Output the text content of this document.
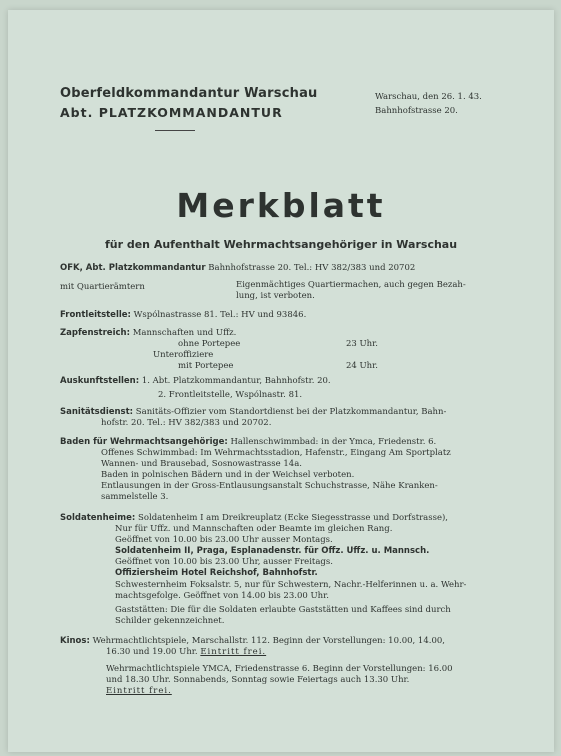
Oberfeldkommandantur Warschau
Abt. PLATZKOMMANDANTUR
Warschau, den 26. 1. 43.
Bahnhofstrasse 20.
Merkblatt
für den Aufenthalt Wehrmachtsangehöriger in Warschau
OFK, Abt. Platzkommandantur Bahnhofstrasse 20. Tel.: HV 382/383 und 20702
mit Quartierämtern	Eigenmächtiges Quartiermachen, auch gegen Bezah-
lung, ist verboten.
Frontleitstelle: Wspólnastrasse 81. Tel.: HV und 93846.
Zapfenstreich: Mannschaften und Uffz.
ohne Portepee	23 Uhr.
Unteroffiziere
mit Portepee	24 Uhr.
Auskunftstellen: 1. Abt. Platzkommandantur, Bahnhofstr. 20.
2. Frontleitstelle, Wspólnastr. 81.
Sanitätsdienst: Sanitäts-Offizier vom Standortdienst bei der Platzkommandantur, Bahn-
hofstr. 20. Tel.: HV 382/383 und 20702.
Baden für Wehrmachtsangehörige: Hallenschwimmbad: in der Ymca, Friedenstr. 6.
Offenes Schwimmbad: Im Wehrmachtsstadion, Hafenstr., Eingang Am Sportplatz
Wannen- und Brausebad, Sosnowastrasse 14a.
Baden in polnischen Bädern und in der Weichsel verboten.
Entlausungen in der Gross-Entlausungsanstalt Schuchstrasse, Nähe Kranken-
sammelstelle 3.
Soldatenheime: Soldatenheim I am Dreikreuplatz (Ecke Siegesstrasse und Dorfstrasse),
Nur für Uffz. und Mannschaften oder Beamte im gleichen Rang.
Geöffnet von 10.00 bis 23.00 Uhr ausser Montags.
Soldatenheim II, Praga, Esplanadenstr. für Offz. Uffz. u. Mannsch.
Geöffnet von 10.00 bis 23.00 Uhr, ausser Freitags.
Offiziersheim Hotel Reichshof, Bahnhofstr.
Schwesternheim Foksalstr. 5, nur für Schwestern, Nachr.-Helferinnen u. a. Wehr-
machtsgefolge. Geöffnet von 14.00 bis 23.00 Uhr.
Gaststätten: Die für die Soldaten erlaubte Gaststätten und Kaffees sind durch
Schilder gekennzeichnet.
Kinos: Wehrmachtlichtspiele, Marschallstr. 112. Beginn der Vorstellungen: 10.00, 14.00,
16.30 und 19.00 Uhr. Eintritt frei.
Wehrmachtlichtspiele YMCA, Friedenstrasse 6. Beginn der Vorstellungen: 16.00
und 18.30 Uhr. Sonnabends, Sonntag sowie Feiertags auch 13.30 Uhr.
Eintritt frei.
